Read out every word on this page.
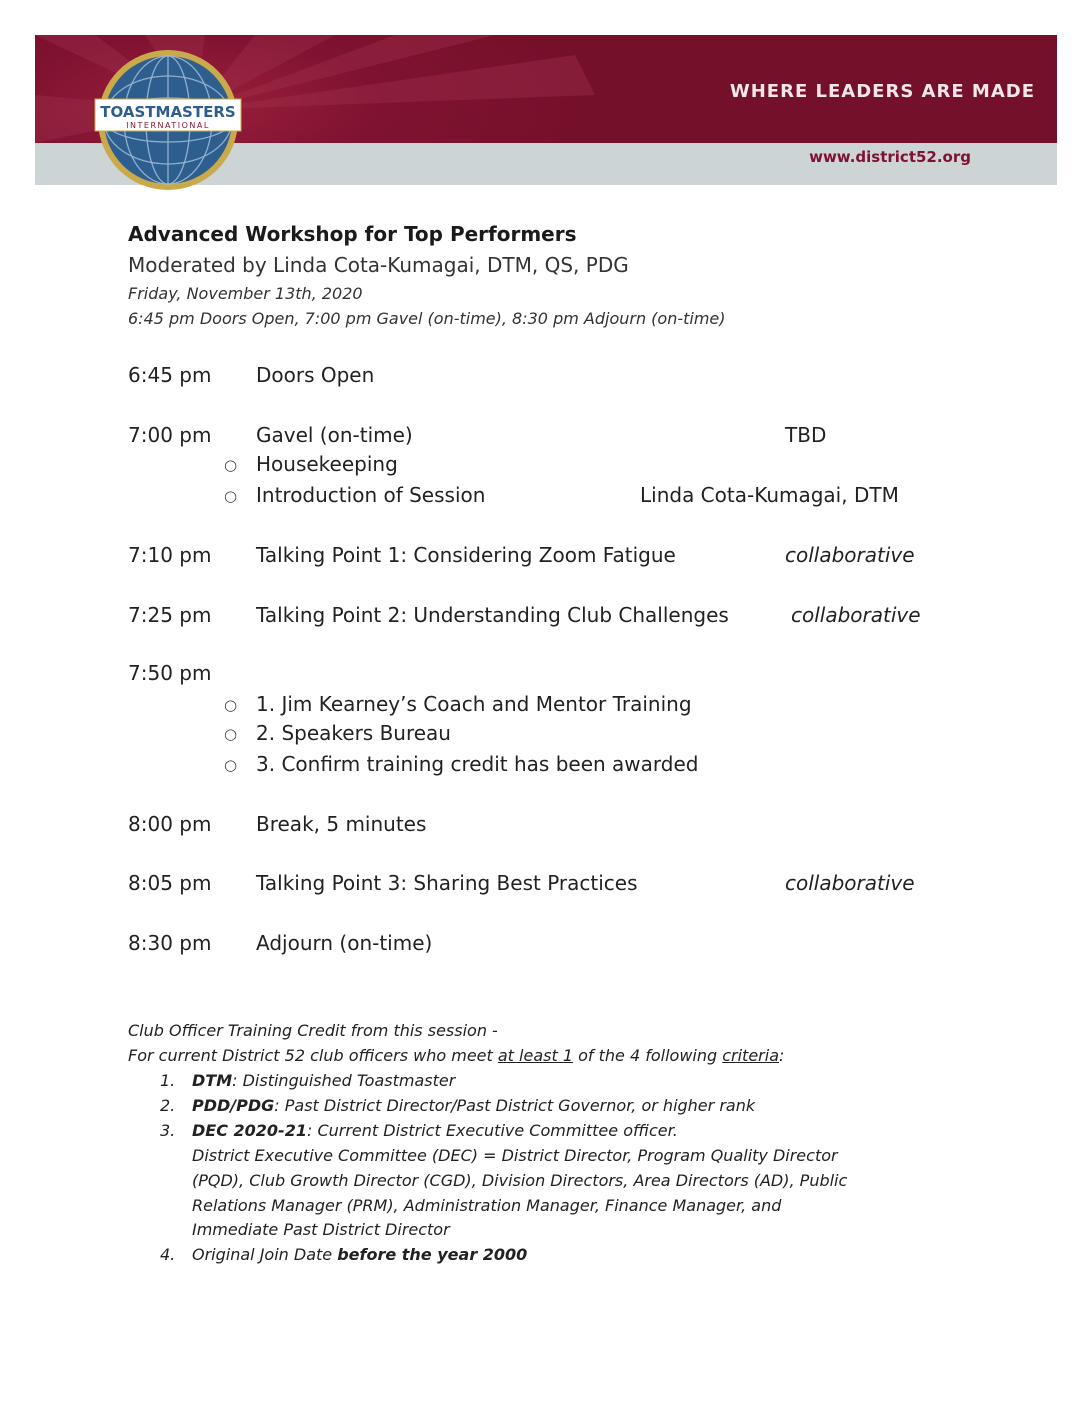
WHERE LEADERS ARE MADE
www.district52.org
TOASTMASTERS
INTERNATIONAL
Advanced Workshop for Top Performers
Moderated by Linda Cota-Kumagai, DTM, QS, PDG
Friday, November 13th, 2020
6:45 pm Doors Open, 7:00 pm Gavel (on-time), 8:30 pm Adjourn (on-time)
6:45 pm Doors Open
7:00 pm Gavel (on-time)	TBD
○ Housekeeping
○ Introduction of Session	Linda Cota-Kumagai, DTM
7:10 pm Talking Point 1: Considering Zoom Fatigue	collaborative
7:25 pm Talking Point 2: Understanding Club Challenges	collaborative
7:50 pm
○ 1. Jim Kearney’s Coach and Mentor Training
○ 2. Speakers Bureau
○ 3. Confirm training credit has been awarded
8:00 pm Break, 5 minutes
8:05 pm Talking Point 3: Sharing Best Practices	collaborative
8:30 pm Adjourn (on-time)
Club Officer Training Credit from this session -
For current District 52 club officers who meet at least 1 of the 4 following criteria:
1. DTM: Distinguished Toastmaster
2. PDD/PDG: Past District Director/Past District Governor, or higher rank
3. DEC 2020-21: Current District Executive Committee officer.
District Executive Committee (DEC) = District Director, Program Quality Director
(PQD), Club Growth Director (CGD), Division Directors, Area Directors (AD), Public
Relations Manager (PRM), Administration Manager, Finance Manager, and
Immediate Past District Director
4. Original Join Date before the year 2000
